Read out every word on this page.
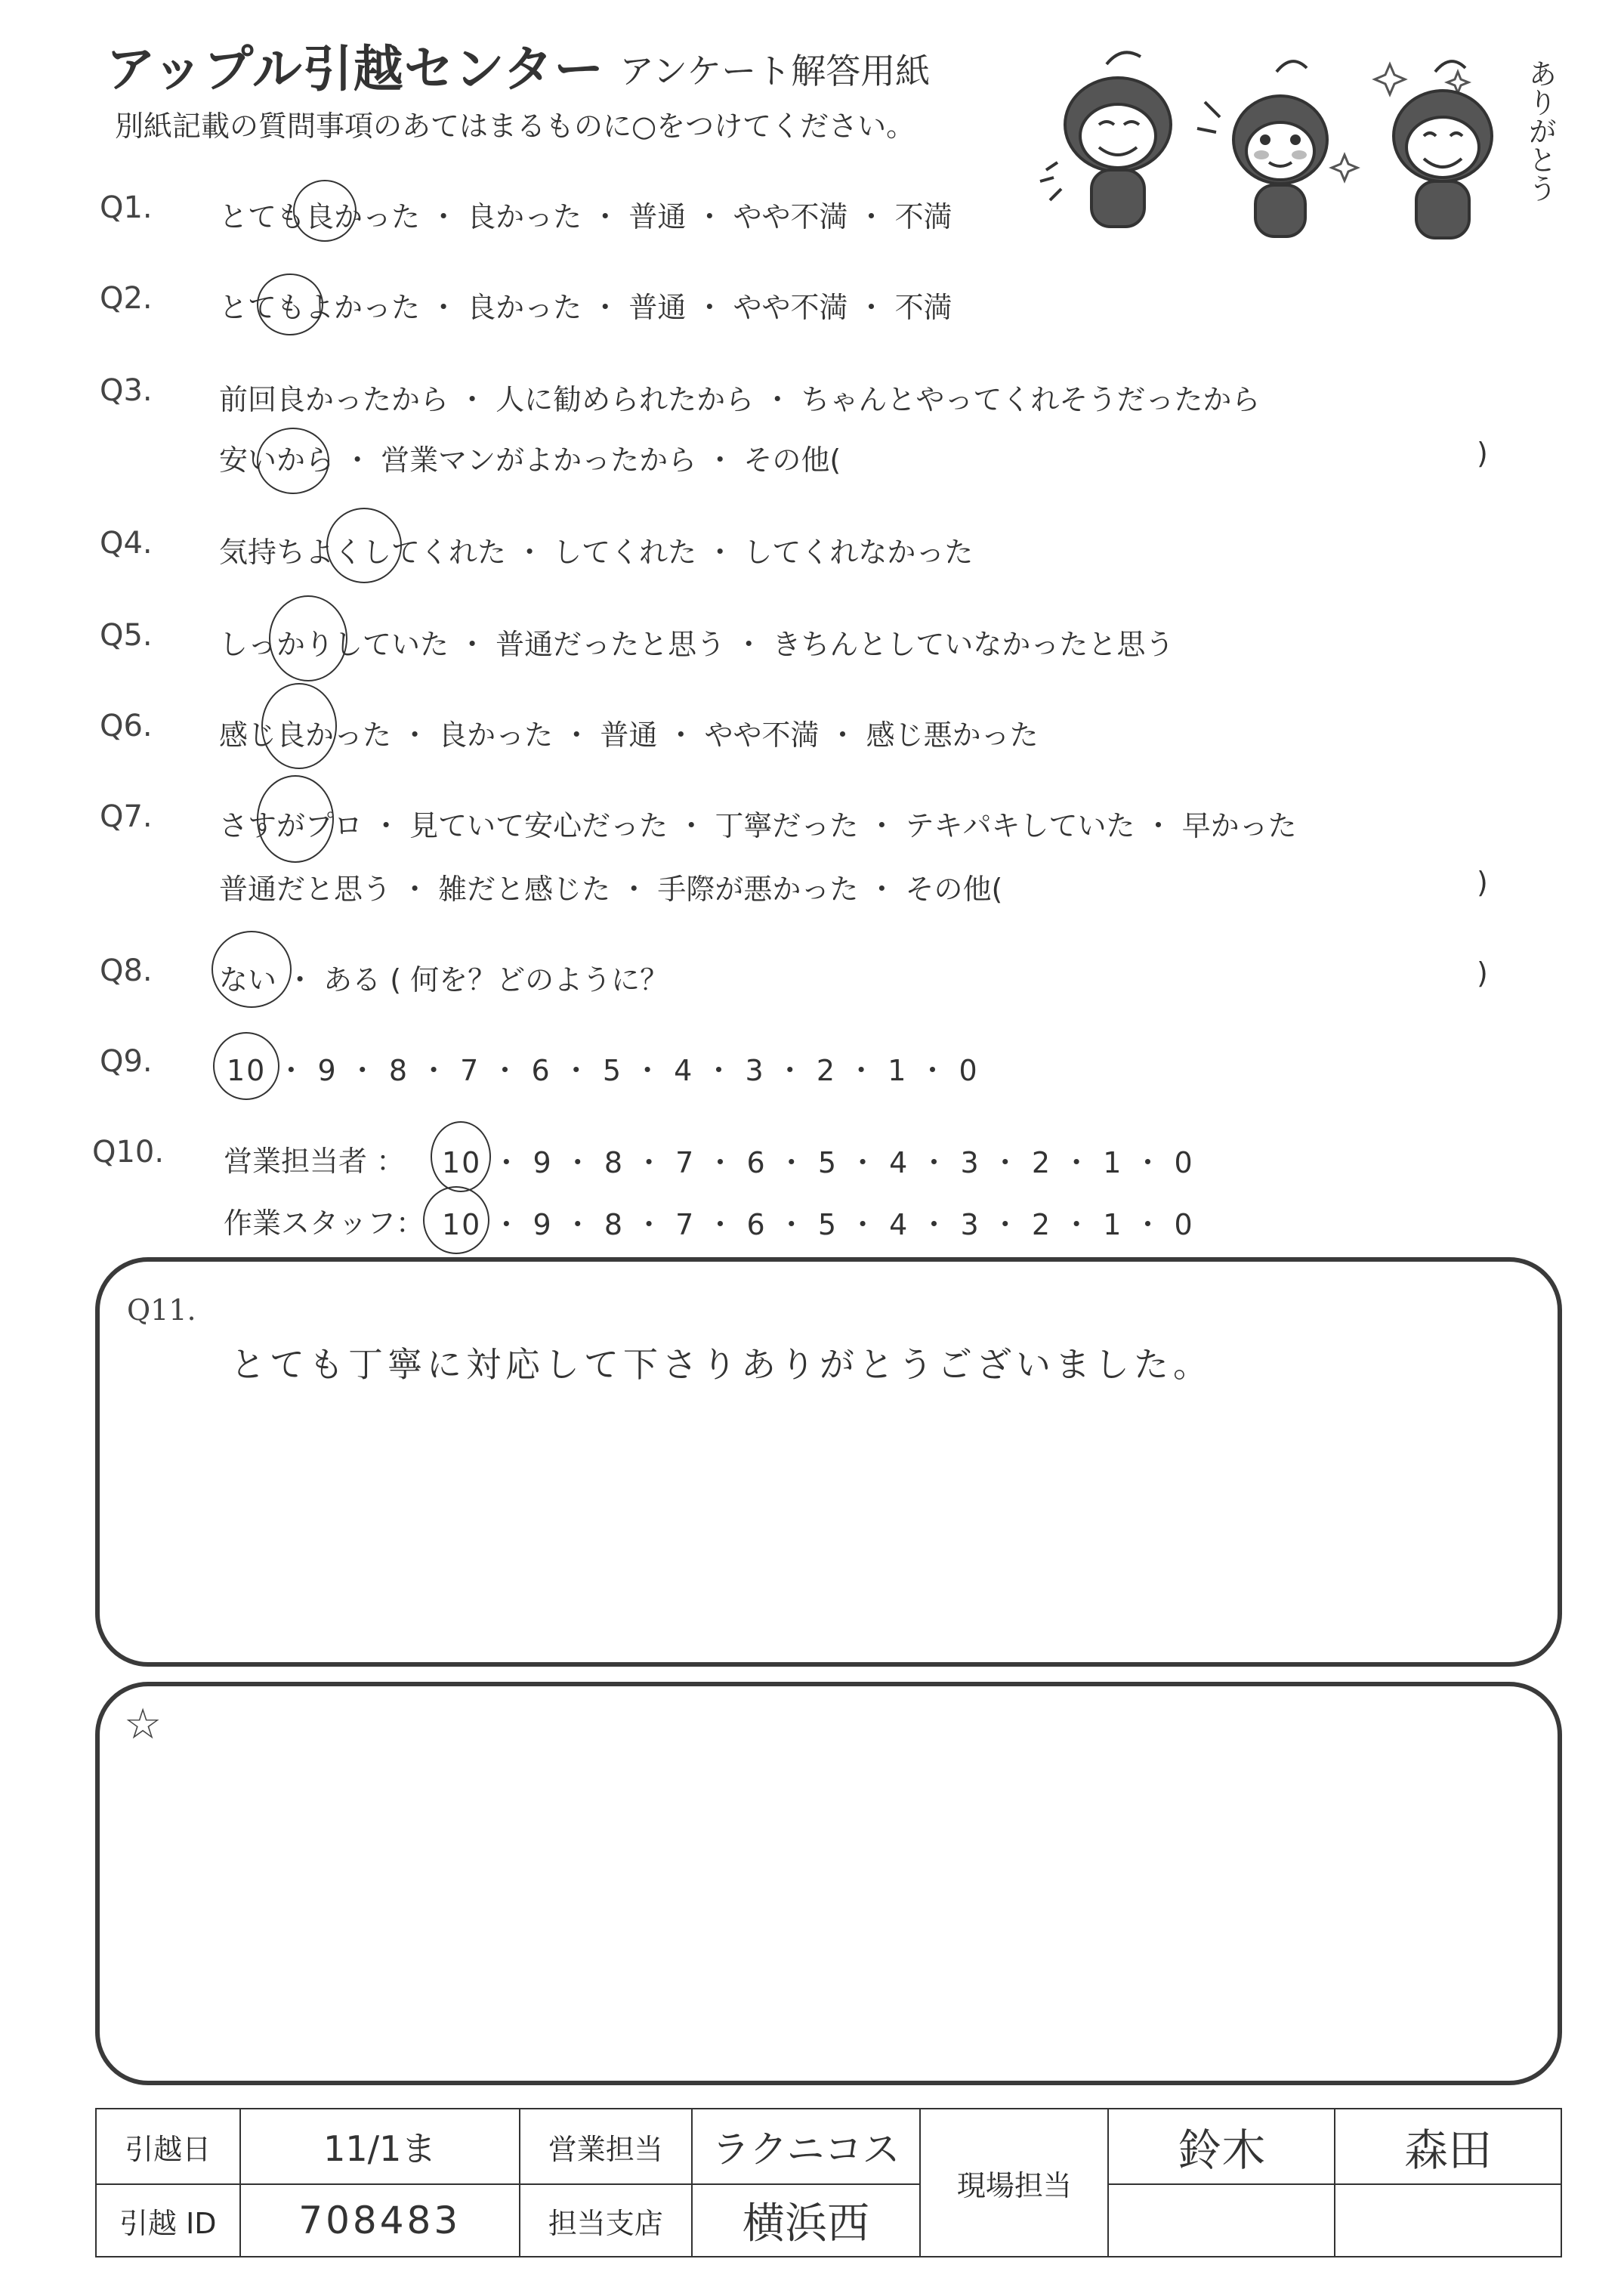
アップル引越センター アンケート解答用紙
別紙記載の質問事項のあてはまるものに○をつけてください。	ありがとう
Q1.
Q2.
Q3.
Q4.
Q5.
Q6.
Q7.
Q8.
Q9.
Q10.
とても良かった ・ 良かった ・ 普通 ・ やや不満 ・ 不満
とてもよかった ・ 良かった ・ 普通 ・ やや不満 ・ 不満
前回良かったから ・ 人に勧められたから ・ ちゃんとやってくれそうだったから
安いから ・ 営業マンがよかったから ・ その他(	)
気持ちよくしてくれた ・ してくれた ・ してくれなかった
しっかりしていた ・ 普通だったと思う ・ きちんとしていなかったと思う
感じ良かった ・ 良かった ・ 普通 ・ やや不満 ・ 感じ悪かった
さすがプロ ・ 見ていて安心だった ・ 丁寧だった ・ テキパキしていた ・ 早かった
普通だと思う ・ 雑だと感じた ・ 手際が悪かった ・ その他(	)
ない ・ ある ( 何を？どのように？	)
10 ・ 9 ・ 8 ・ 7 ・ 6 ・ 5 ・ 4 ・ 3 ・ 2 ・ 1 ・ 0
営業担当者 ： 10 ・ 9 ・ 8 ・ 7 ・ 6 ・ 5 ・ 4 ・ 3 ・ 2 ・ 1 ・ 0
作業スタッフ： 10 ・ 9 ・ 8 ・ 7 ・ 6 ・ 5 ・ 4 ・ 3 ・ 2 ・ 1 ・ 0
Q11.
とても丁寧に対応して下さりありがとうございました。
☆
引越日	11/1ま	営業担当	ラクニコス	現場担当	鈴木	森田
引越 ID	708483	担当支店	横浜西			
